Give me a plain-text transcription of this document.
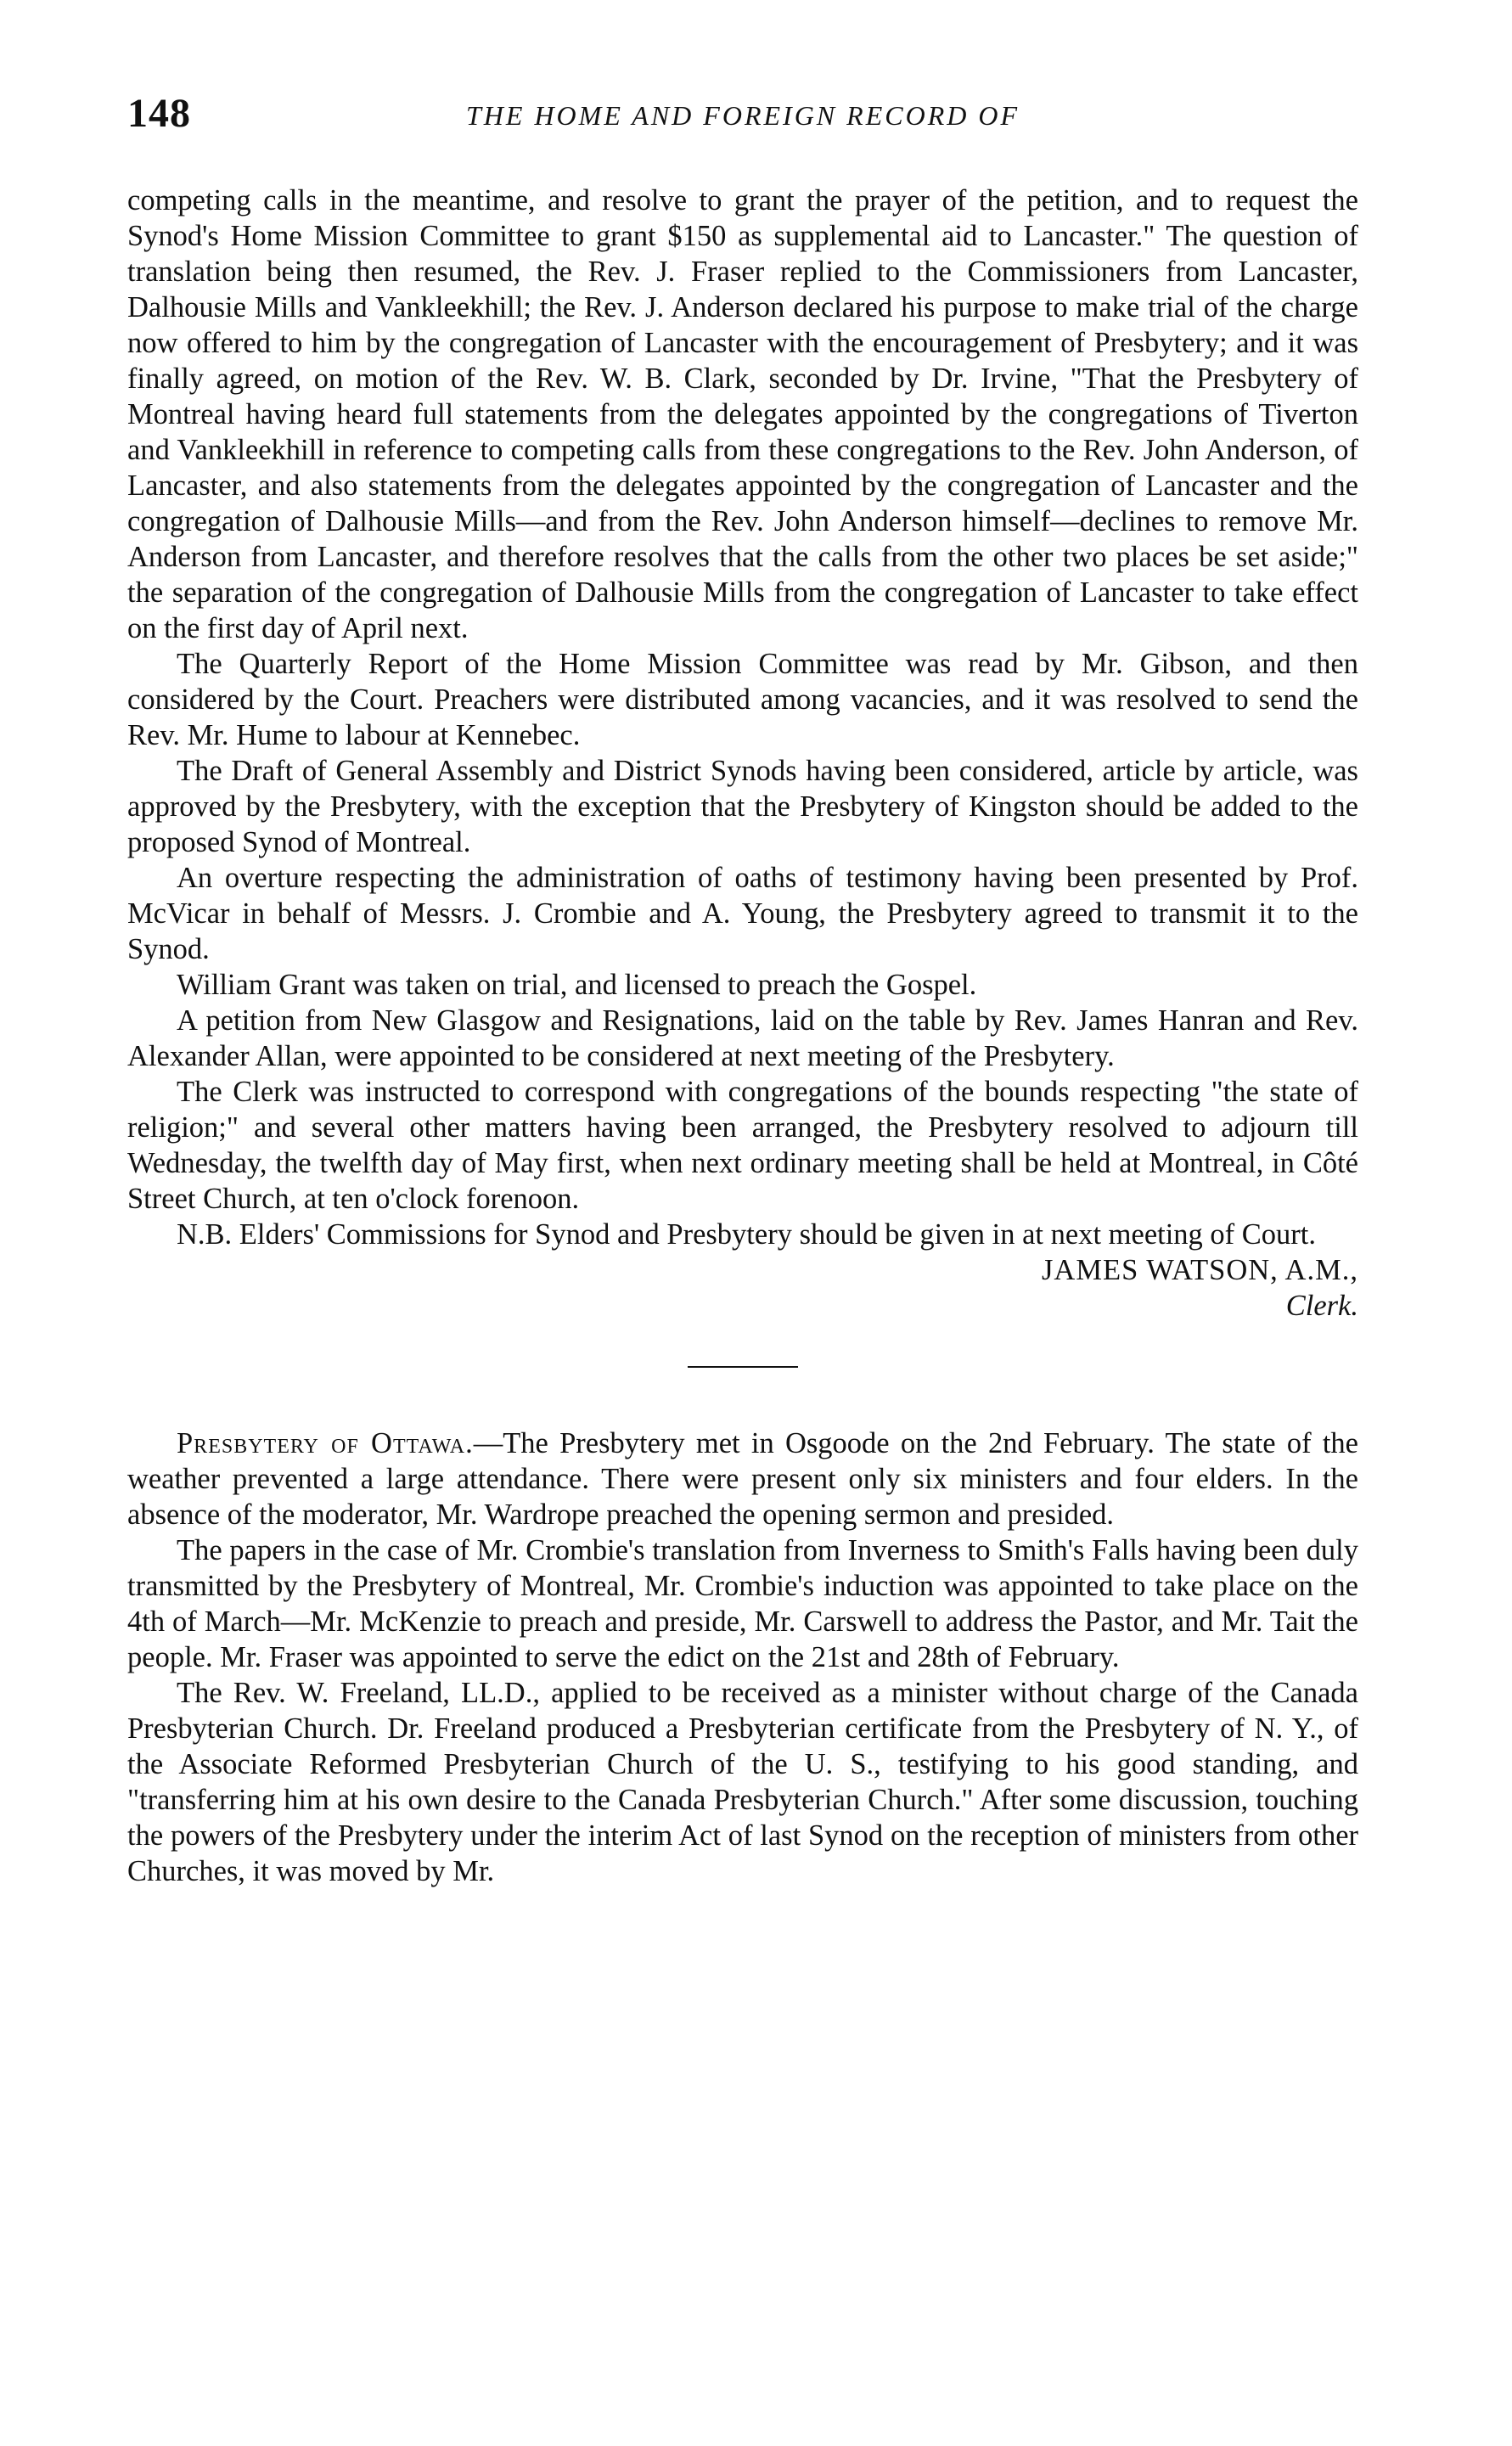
148	THE HOME AND FOREIGN RECORD OF

competing calls in the meantime, and resolve to grant the prayer of the petition, and to request the Synod's Home Mission Committee to grant $150 as supplemental aid to Lancaster." The question of translation being then resumed, the Rev. J. Fraser replied to the Commissioners from Lancaster, Dalhousie Mills and Vankleekhill; the Rev. J. Anderson declared his purpose to make trial of the charge now offered to him by the congregation of Lancaster with the encouragement of Presbytery; and it was finally agreed, on motion of the Rev. W. B. Clark, seconded by Dr. Irvine, "That the Presbytery of Montreal having heard full statements from the delegates appointed by the congregations of Tiverton and Vankleekhill in reference to competing calls from these congregations to the Rev. John Anderson, of Lancaster, and also statements from the delegates appointed by the congregation of Lancaster and the congregation of Dalhousie Mills—and from the Rev. John Anderson himself—declines to remove Mr. Anderson from Lancaster, and therefore resolves that the calls from the other two places be set aside;" the separation of the congregation of Dalhousie Mills from the congregation of Lancaster to take effect on the first day of April next.

The Quarterly Report of the Home Mission Committee was read by Mr. Gibson, and then considered by the Court. Preachers were distributed among vacancies, and it was resolved to send the Rev. Mr. Hume to labour at Kennebec.

The Draft of General Assembly and District Synods having been considered, article by article, was approved by the Presbytery, with the exception that the Presbytery of Kingston should be added to the proposed Synod of Montreal.

An overture respecting the administration of oaths of testimony having been presented by Prof. McVicar in behalf of Messrs. J. Crombie and A. Young, the Presbytery agreed to transmit it to the Synod.

William Grant was taken on trial, and licensed to preach the Gospel.

A petition from New Glasgow and Resignations, laid on the table by Rev. James Hanran and Rev. Alexander Allan, were appointed to be considered at next meeting of the Presbytery.

The Clerk was instructed to correspond with congregations of the bounds respecting "the state of religion;" and several other matters having been arranged, the Presbytery resolved to adjourn till Wednesday, the twelfth day of May first, when next ordinary meeting shall be held at Montreal, in Côté Street Church, at ten o'clock forenoon.

N.B. Elders' Commissions for Synod and Presbytery should be given in at next meeting of Court.

JAMES WATSON, A.M.,

Clerk.

Presbytery of Ottawa.—The Presbytery met in Osgoode on the 2nd February. The state of the weather prevented a large attendance. There were present only six ministers and four elders. In the absence of the moderator, Mr. Wardrope preached the opening sermon and presided.

The papers in the case of Mr. Crombie's translation from Inverness to Smith's Falls having been duly transmitted by the Presbytery of Montreal, Mr. Crombie's induction was appointed to take place on the 4th of March—Mr. McKenzie to preach and preside, Mr. Carswell to address the Pastor, and Mr. Tait the people. Mr. Fraser was appointed to serve the edict on the 21st and 28th of February.

The Rev. W. Freeland, LL.D., applied to be received as a minister without charge of the Canada Presbyterian Church. Dr. Freeland produced a Presbyterian certificate from the Presbytery of N. Y., of the Associate Reformed Presbyterian Church of the U. S., testifying to his good standing, and "transferring him at his own desire to the Canada Presbyterian Church." After some discussion, touching the powers of the Presbytery under the interim Act of last Synod on the reception of ministers from other Churches, it was moved by Mr.
